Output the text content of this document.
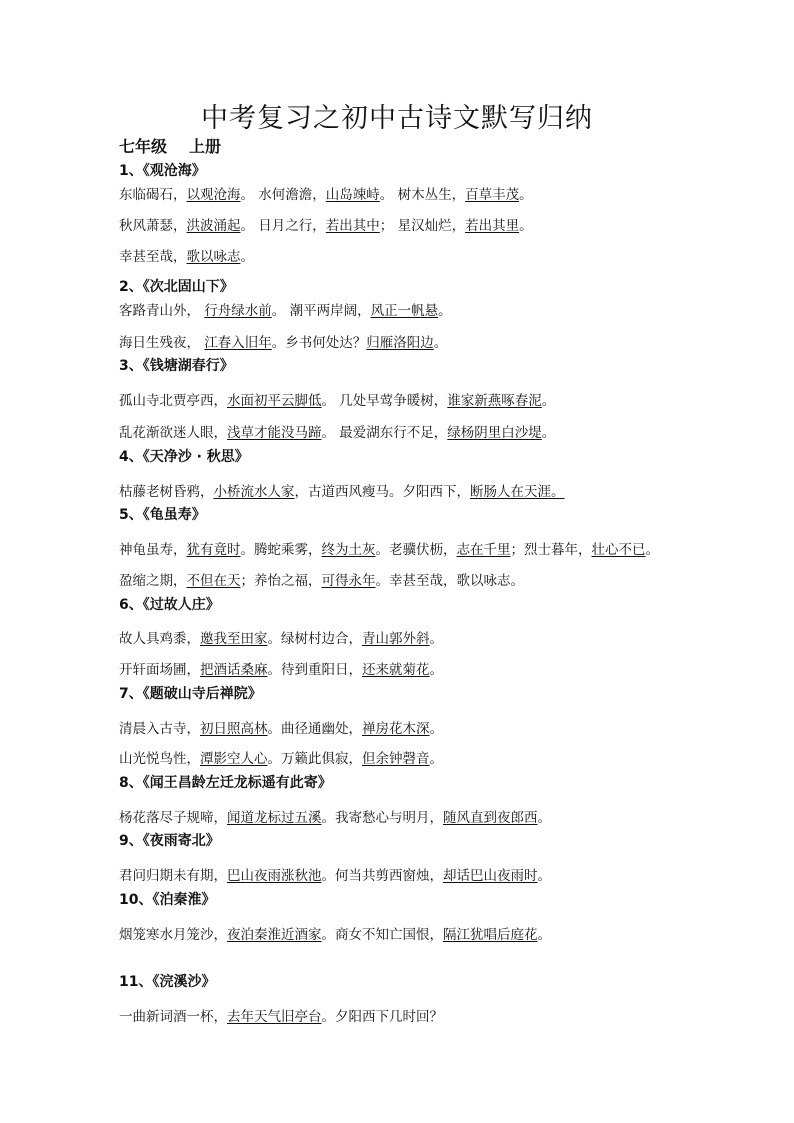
中考复习之初中古诗文默写归纳
七年级 上册
1、《观沧海》
东临碣石，以观沧海。 水何澹澹，山岛竦峙。 树木丛生，百草丰茂。
秋风萧瑟，洪波涌起。 日月之行，若出其中； 星汉灿烂，若出其里。
幸甚至哉，歌以咏志。
2、《次北固山下》
客路青山外， 行舟绿水前。 潮平两岸阔，风正一帆悬。
海日生残夜， 江春入旧年。乡书何处达？归雁洛阳边。
3、《钱塘湖春行》
孤山寺北贾亭西，水面初平云脚低。 几处早莺争暖树，谁家新燕啄春泥。
乱花渐欲迷人眼，浅草才能没马蹄。 最爱湖东行不足，绿杨阴里白沙堤。
4、《天净沙 · 秋思》
枯藤老树昏鸦，小桥流水人家，古道西风瘦马。夕阳西下，断肠人在天涯。
5、《龟虽寿》
神龟虽寿，犹有竟时。腾蛇乘雾，终为土灰。老骥伏枥，志在千里；烈士暮年，壮心不已。
盈缩之期，不但在天；养怡之福，可得永年。幸甚至哉，歌以咏志。
6、《过故人庄》
故人具鸡黍，邀我至田家。绿树村边合，青山郭外斜。
开轩面场圃，把酒话桑麻。待到重阳日，还来就菊花。
7、《题破山寺后禅院》
清晨入古寺，初日照高林。曲径通幽处，禅房花木深。
山光悦鸟性，潭影空人心。万籁此俱寂，但余钟磬音。
8、《闻王昌龄左迁龙标遥有此寄》
杨花落尽子规啼，闻道龙标过五溪。我寄愁心与明月，随风直到夜郎西。
9、《夜雨寄北》
君问归期未有期，巴山夜雨涨秋池。何当共剪西窗烛，却话巴山夜雨时。
10、《泊秦淮》
烟笼寒水月笼沙，夜泊秦淮近酒家。商女不知亡国恨，隔江犹唱后庭花。
11、《浣溪沙》
一曲新词酒一杯，去年天气旧亭台。夕阳西下几时回？
